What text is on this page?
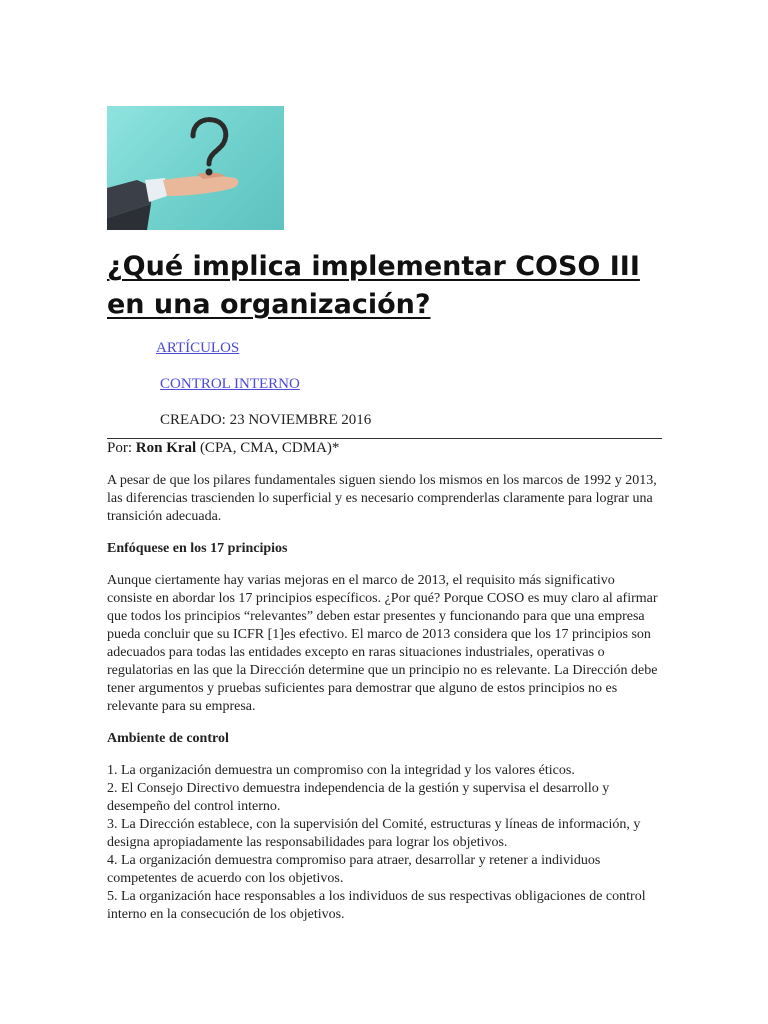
¿Qué implica implementar COSO III en una organización?
ARTÍCULOS
CONTROL INTERNO
CREADO: 23 NOVIEMBRE 2016
Por: Ron Kral (CPA, CMA, CDMA)*

A pesar de que los pilares fundamentales siguen siendo los mismos en los marcos de 1992 y 2013, las diferencias trascienden lo superficial y es necesario comprenderlas claramente para lograr una transición adecuada.

Enfóquese en los 17 principios

Aunque ciertamente hay varias mejoras en el marco de 2013, el requisito más significativo consiste en abordar los 17 principios específicos. ¿Por qué? Porque COSO es muy claro al afirmar que todos los principios “relevantes” deben estar presentes y funcionando para que una empresa pueda concluir que su ICFR [1]es efectivo. El marco de 2013 considera que los 17 principios son adecuados para todas las entidades excepto en raras situaciones industriales, operativas o regulatorias en las que la Dirección determine que un principio no es relevante. La Dirección debe tener argumentos y pruebas suficientes para demostrar que alguno de estos principios no es relevante para su empresa.

Ambiente de control

1. La organización demuestra un compromiso con la integridad y los valores éticos.
2. El Consejo Directivo demuestra independencia de la gestión y supervisa el desarrollo y desempeño del control interno.
3. La Dirección establece, con la supervisión del Comité, estructuras y líneas de información, y designa apropiadamente las responsabilidades para lograr los objetivos.
4. La organización demuestra compromiso para atraer, desarrollar y retener a individuos competentes de acuerdo con los objetivos.
5. La organización hace responsables a los individuos de sus respectivas obligaciones de control interno en la consecución de los objetivos.
